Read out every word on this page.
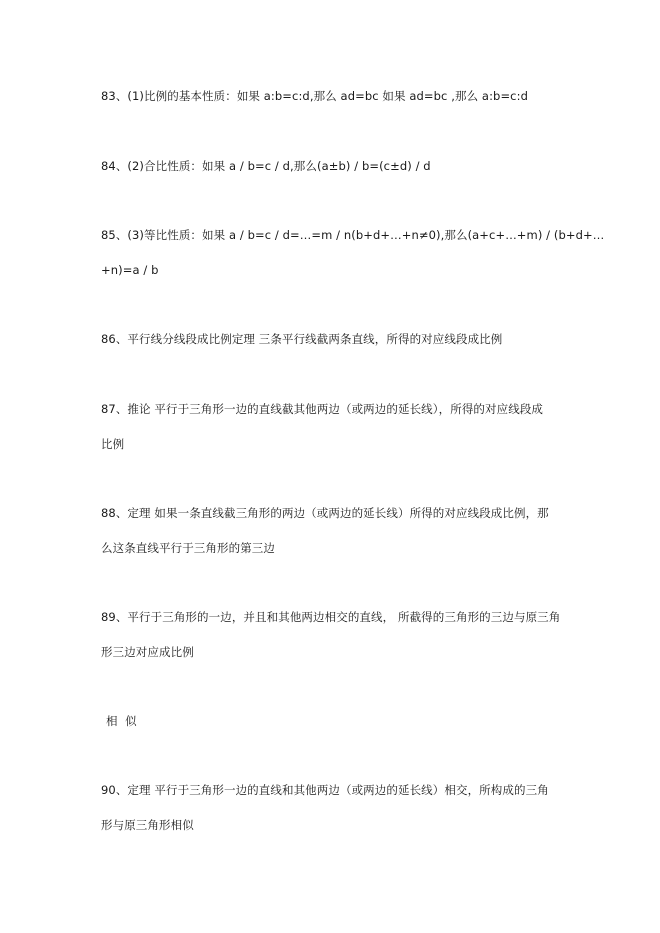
83、(1)比例的基本性质：如果 a:b=c:d,那么 ad=bc 如果 ad=bc ,那么 a:b=c:d
84、(2)合比性质：如果 a / b=c / d,那么(a±b) / b=(c±d) / d
85、(3)等比性质：如果 a / b=c / d=…=m / n(b+d+…+n≠0),那么(a+c+…+m) / (b+d+…
+n)=a / b
86、平行线分线段成比例定理 三条平行线截两条直线，所得的对应线段成比例
87、推论 平行于三角形一边的直线截其他两边（或两边的延长线），所得的对应线段成
比例
88、定理 如果一条直线截三角形的两边（或两边的延长线）所得的对应线段成比例，那
么这条直线平行于三角形的第三边
89、平行于三角形的一边，并且和其他两边相交的直线， 所截得的三角形的三边与原三角
形三边对应成比例
相 似
90、定理 平行于三角形一边的直线和其他两边（或两边的延长线）相交，所构成的三角
形与原三角形相似
